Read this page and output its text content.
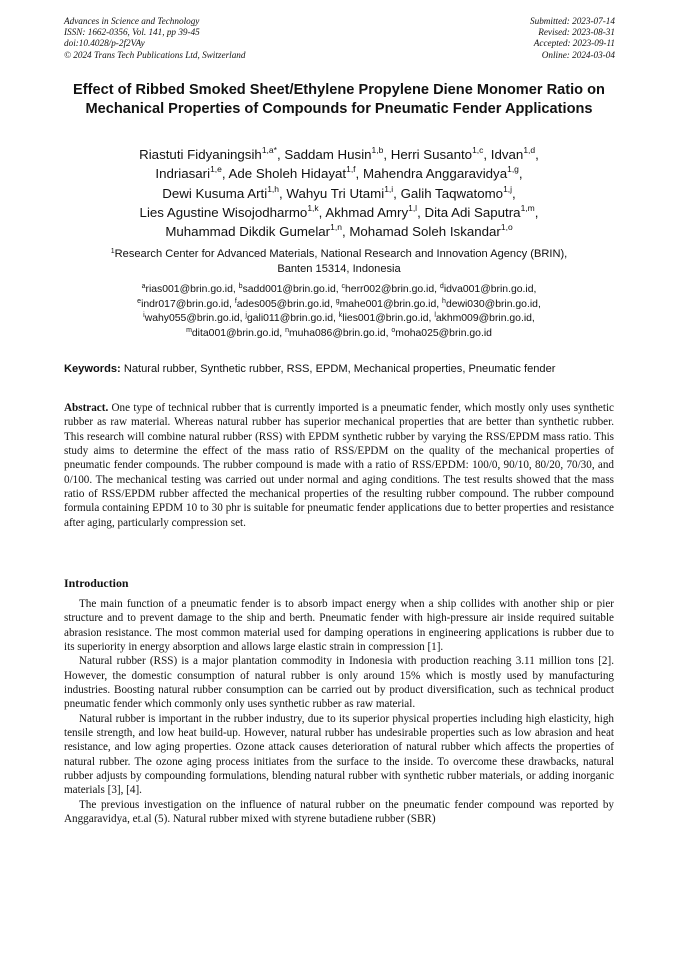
Advances in Science and Technology
ISSN: 1662-0356, Vol. 141, pp 39-45
doi:10.4028/p-2f2VAy
© 2024 Trans Tech Publications Ltd, Switzerland
Submitted: 2023-07-14
Revised: 2023-08-31
Accepted: 2023-09-11
Online: 2024-03-04
Effect of Ribbed Smoked Sheet/Ethylene Propylene Diene Monomer Ratio on Mechanical Properties of Compounds for Pneumatic Fender Applications
Riastuti Fidyaningsih$^{1,a*}$, Saddam Husin$^{1,b}$, Herri Susanto$^{1,c}$, Idvan$^{1,d}$,
Indriasari$^{1,e}$, Ade Sholeh Hidayat$^{1,f}$, Mahendra Anggaravidya$^{1,g}$,
Dewi Kusuma Arti$^{1,h}$, Wahyu Tri Utami$^{1,i}$, Galih Taqwatomo$^{1,j}$,
Lies Agustine Wisojodharmo$^{1,k}$, Akhmad Amry$^{1,l}$, Dita Adi Saputra$^{1,m}$,
Muhammad Dikdik Gumelar$^{1,n}$, Mohamad Soleh Iskandar$^{1,o}$
$^1$Research Center for Advanced Materials, National Research and Innovation Agency (BRIN),
Banten 15314, Indonesia
$^a$rias001@brin.go.id, $^b$sadd001@brin.go.id, $^c$herr002@brin.go.id, $^d$idva001@brin.go.id,
$^e$indr017@brin.go.id, $^f$ades005@brin.go.id, $^g$mahe001@brin.go.id, $^h$dewi030@brin.go.id,
$^i$wahy055@brin.go.id, $^j$gali011@brin.go.id, $^k$lies001@brin.go.id, $^l$akhm009@brin.go.id,
$^m$dita001@brin.go.id, $^n$muha086@brin.go.id, $^o$moha025@brin.go.id
Keywords: Natural rubber, Synthetic rubber, RSS, EPDM, Mechanical properties, Pneumatic fender
Abstract. One type of technical rubber that is currently imported is a pneumatic fender, which mostly only uses synthetic rubber as raw material. Whereas natural rubber has superior mechanical properties that are better than synthetic rubber. This research will combine natural rubber (RSS) with EPDM synthetic rubber by varying the RSS/EPDM mass ratio. This study aims to determine the effect of the mass ratio of RSS/EPDM on the quality of the mechanical properties of pneumatic fender compounds. The rubber compound is made with a ratio of RSS/EPDM: 100/0, 90/10, 80/20, 70/30, and 0/100. The mechanical testing was carried out under normal and aging conditions. The test results showed that the mass ratio of RSS/EPDM rubber affected the mechanical properties of the resulting rubber compound. The rubber compound formula containing EPDM 10 to 30 phr is suitable for pneumatic fender applications due to better properties and resistance after aging, particularly compression set.
Introduction

The main function of a pneumatic fender is to absorb impact energy when a ship collides with another ship or pier structure and to prevent damage to the ship and berth. Pneumatic fender with high-pressure air inside required suitable abrasion resistance. The most common material used for damping operations in engineering applications is rubber due to its superiority in energy absorption and allows large elastic strain in compression [1].

Natural rubber (RSS) is a major plantation commodity in Indonesia with production reaching 3.11 million tons [2]. However, the domestic consumption of natural rubber is only around 15% which is mostly used by manufacturing industries. Boosting natural rubber consumption can be carried out by product diversification, such as technical product pneumatic fender which commonly only uses synthetic rubber as raw material.

Natural rubber is important in the rubber industry, due to its superior physical properties including high elasticity, high tensile strength, and low heat build-up. However, natural rubber has undesirable properties such as low abrasion and heat resistance, and low aging properties. Ozone attack causes deterioration of natural rubber which affects the properties of natural rubber. The ozone aging process initiates from the surface to the inside. To overcome these drawbacks, natural rubber adjusts by compounding formulations, blending natural rubber with synthetic rubber materials, or adding inorganic materials [3], [4].

The previous investigation on the influence of natural rubber on the pneumatic fender compound was reported by Anggaravidya, et.al (5). Natural rubber mixed with styrene butadiene rubber (SBR)
